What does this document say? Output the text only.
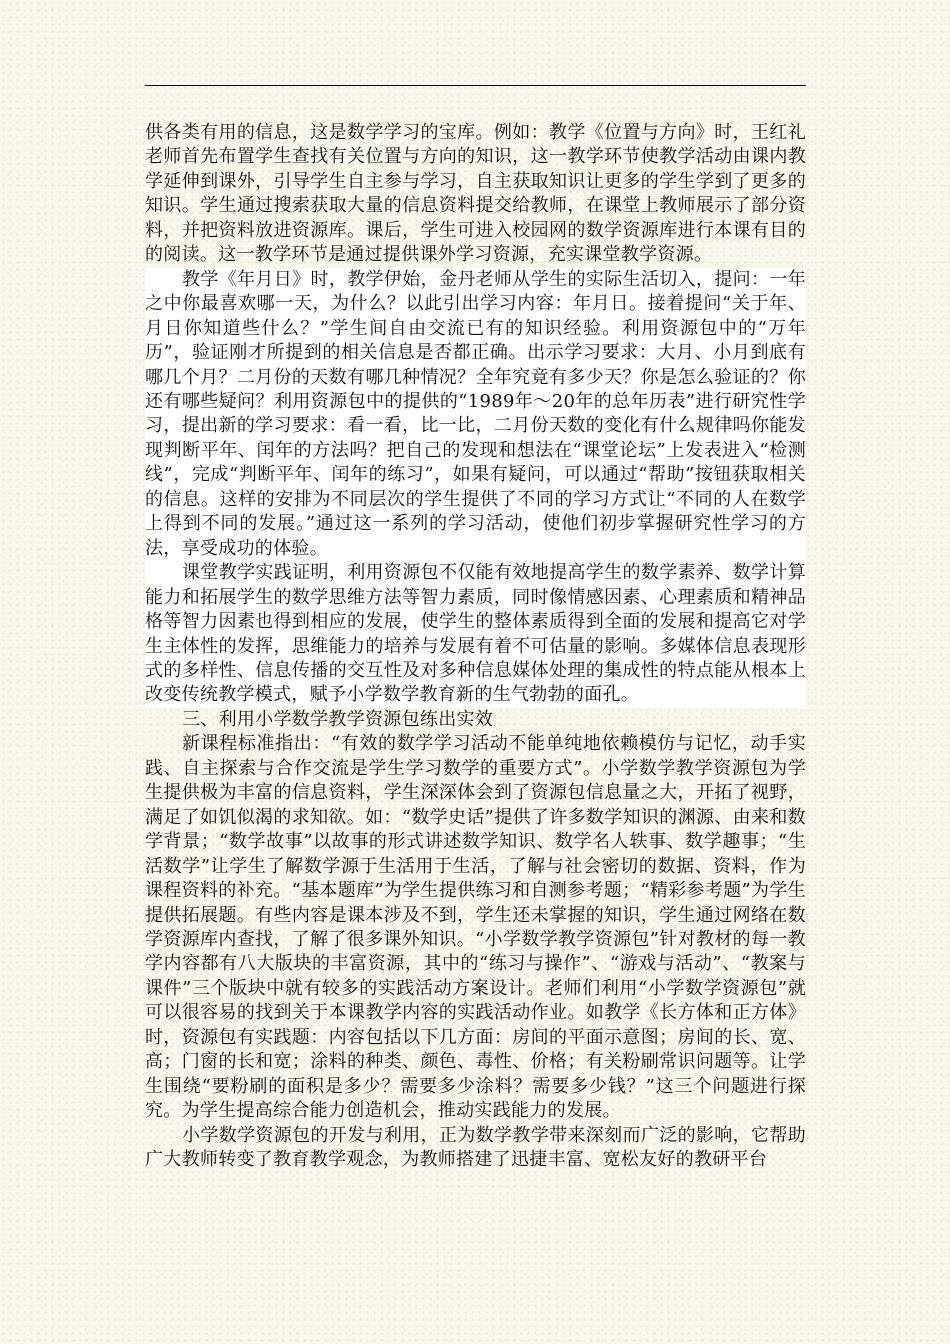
供各类有用的信息，这是数学学习的宝库。例如：教学《位置与方向》时，王红礼老师首先布置学生查找有关位置与方向的知识，这一教学环节使教学活动由课内教学延伸到课外，引导学生自主参与学习，自主获取知识让更多的学生学到了更多的知识。学生通过搜索获取大量的信息资料提交给教师，在课堂上教师展示了部分资料，并把资料放进资源库。课后，学生可进入校园网的数学资源库进行本课有目的的阅读。这一教学环节是通过提供课外学习资源，充实课堂教学资源。

教学《年月日》时，教学伊始，金丹老师从学生的实际生活切入，提问：一年之中你最喜欢哪一天，为什么？以此引出学习内容：年月日。接着提问“关于年、月日你知道些什么？”学生间自由交流已有的知识经验。利用资源包中的“万年历”，验证刚才所提到的相关信息是否都正确。出示学习要求：大月、小月到底有哪几个月？二月份的天数有哪几种情况？全年究竟有多少天？你是怎么验证的？你还有哪些疑问？利用资源包中的提供的“1989年～20年的总年历表”进行研究性学习，提出新的学习要求：看一看，比一比，二月份天数的变化有什么规律吗你能发现判断平年、闰年的方法吗？把自己的发现和想法在“课堂论坛”上发表进入“检测线”，完成“判断平年、闰年的练习”，如果有疑问，可以通过“帮助”按钮获取相关的信息。这样的安排为不同层次的学生提供了不同的学习方式让“不同的人在数学上得到不同的发展。”通过这一系列的学习活动，使他们初步掌握研究性学习的方法，享受成功的体验。

课堂教学实践证明，利用资源包不仅能有效地提高学生的数学素养、数学计算能力和拓展学生的数学思维方法等智力素质，同时像情感因素、心理素质和精神品格等智力因素也得到相应的发展，使学生的整体素质得到全面的发展和提高它对学生主体性的发挥，思维能力的培养与发展有着不可估量的影响。多媒体信息表现形式的多样性、信息传播的交互性及对多种信息媒体处理的集成性的特点能从根本上改变传统教学模式，赋予小学数学教育新的生气勃勃的面孔。

三、利用小学数学教学资源包练出实效

新课程标准指出：“有效的数学学习活动不能单纯地依赖模仿与记忆，动手实践、自主探索与合作交流是学生学习数学的重要方式”。小学数学教学资源包为学生提供极为丰富的信息资料，学生深深体会到了资源包信息量之大，开拓了视野，满足了如饥似渴的求知欲。如：“数学史话”提供了许多数学知识的渊源、由来和数学背景；“数学故事”以故事的形式讲述数学知识、数学名人轶事、数学趣事；“生活数学”让学生了解数学源于生活用于生活，了解与社会密切的数据、资料，作为课程资料的补充。“基本题库”为学生提供练习和自测参考题；“精彩参考题”为学生提供拓展题。有些内容是课本涉及不到，学生还未掌握的知识，学生通过网络在数学资源库内查找，了解了很多课外知识。“小学数学教学资源包”针对教材的每一教学内容都有八大版块的丰富资源，其中的“练习与操作”、“游戏与活动”、“教案与课件”三个版块中就有较多的实践活动方案设计。老师们利用“小学数学资源包”就可以很容易的找到关于本课教学内容的实践活动作业。如教学《长方体和正方体》时，资源包有实践题：内容包括以下几方面：房间的平面示意图；房间的长、宽、高；门窗的长和宽；涂料的种类、颜色、毒性、价格；有关粉刷常识问题等。让学生围绕“要粉刷的面积是多少？需要多少涂料？需要多少钱？”这三个问题进行探究。为学生提高综合能力创造机会，推动实践能力的发展。

小学数学资源包的开发与利用，正为数学教学带来深刻而广泛的影响，它帮助广大教师转变了教育教学观念，为教师搭建了迅捷丰富、宽松友好的教研平台
